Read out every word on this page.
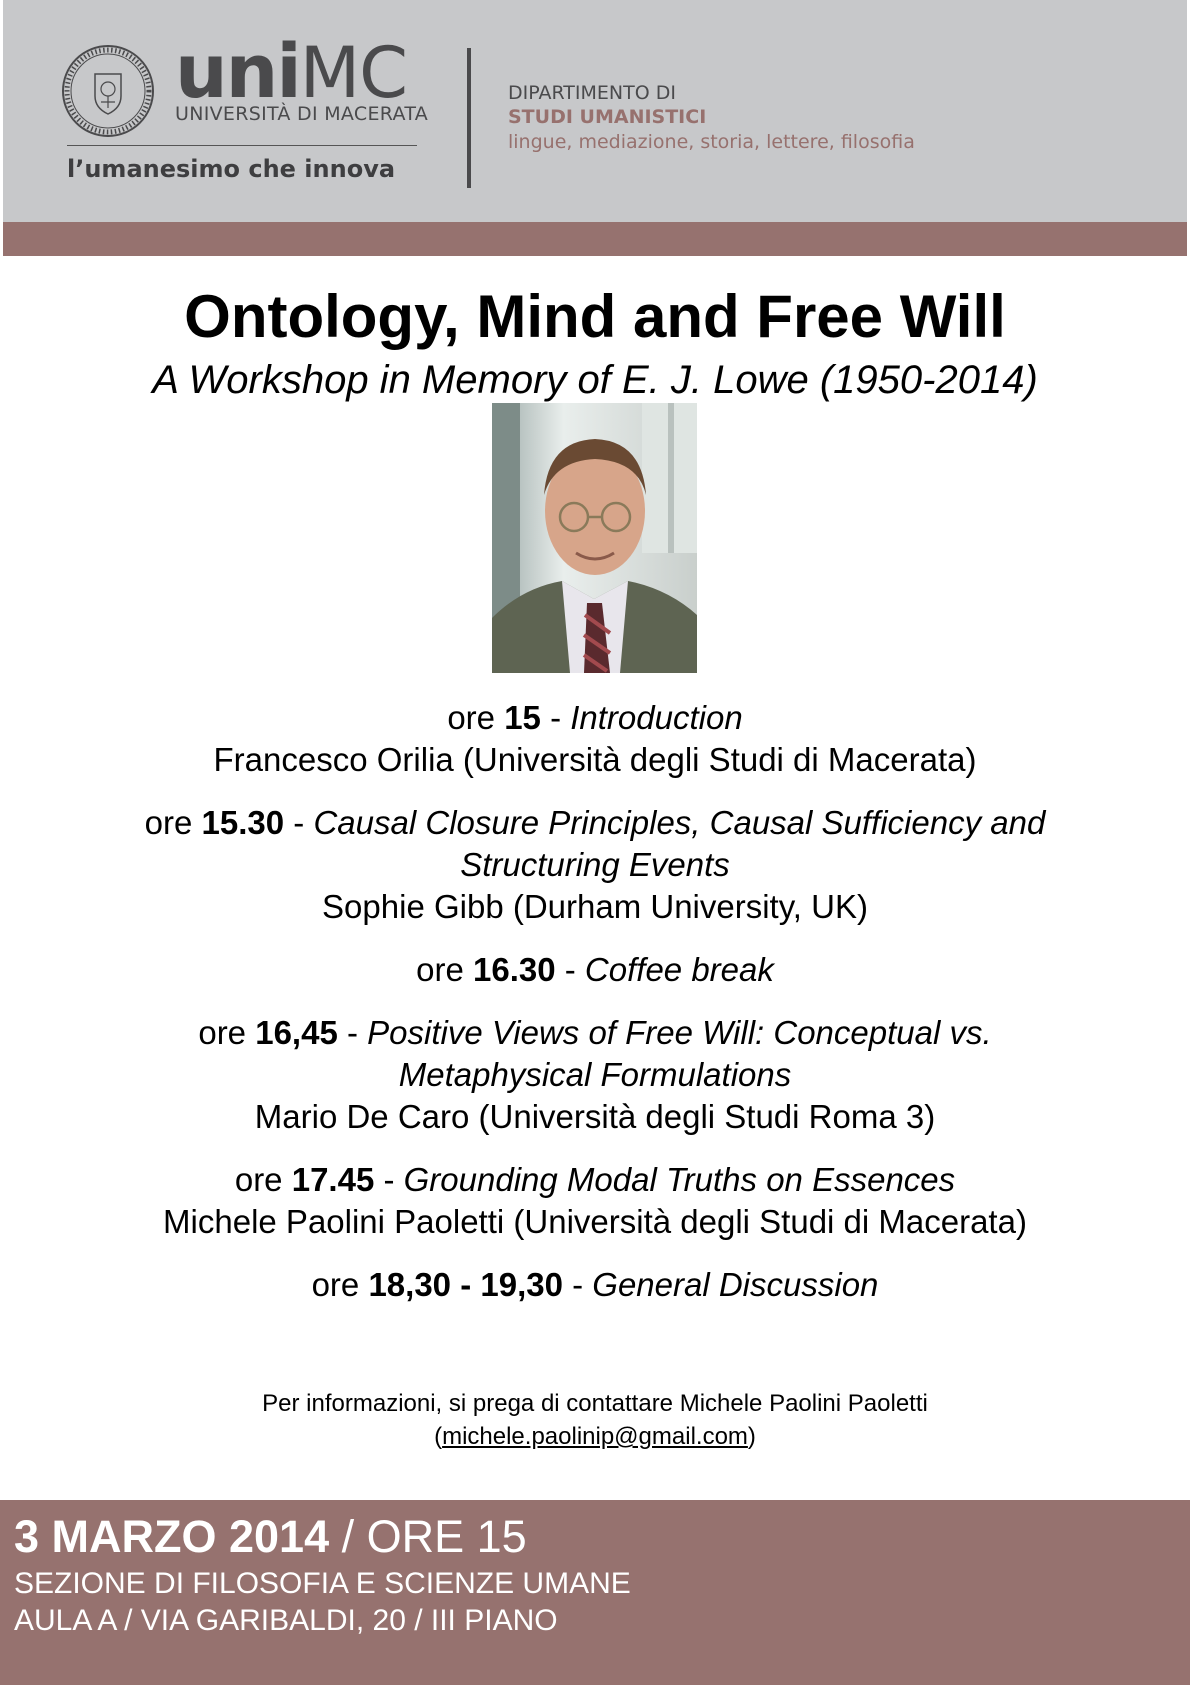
uniMC
UNIVERSITÀ DI MACERATA
l’umanesimo che innova
DIPARTIMENTO DI
STUDI UMANISTICI
lingue, mediazione, storia, lettere, filosofia
Ontology, Mind and Free Will
A Workshop in Memory of E. J. Lowe (1950-2014)
ore 15 - Introduction
Francesco Orilia (Università degli Studi di Macerata)
ore 15.30 - Causal Closure Principles, Causal Sufficiency and
Structuring Events
Sophie Gibb (Durham University, UK)
ore 16.30 - Coffee break
ore 16,45 - Positive Views of Free Will: Conceptual vs.
Metaphysical Formulations
Mario De Caro (Università degli Studi Roma 3)
ore 17.45 - Grounding Modal Truths on Essences
Michele Paolini Paoletti (Università degli Studi di Macerata)
ore 18,30 - 19,30 - General Discussion
Per informazioni, si prega di contattare Michele Paolini Paoletti
(michele.paolinip@gmail.com)
3 MARZO 2014 / ORE 15
SEZIONE DI FILOSOFIA E SCIENZE UMANE
AULA A / VIA GARIBALDI, 20 / III PIANO
